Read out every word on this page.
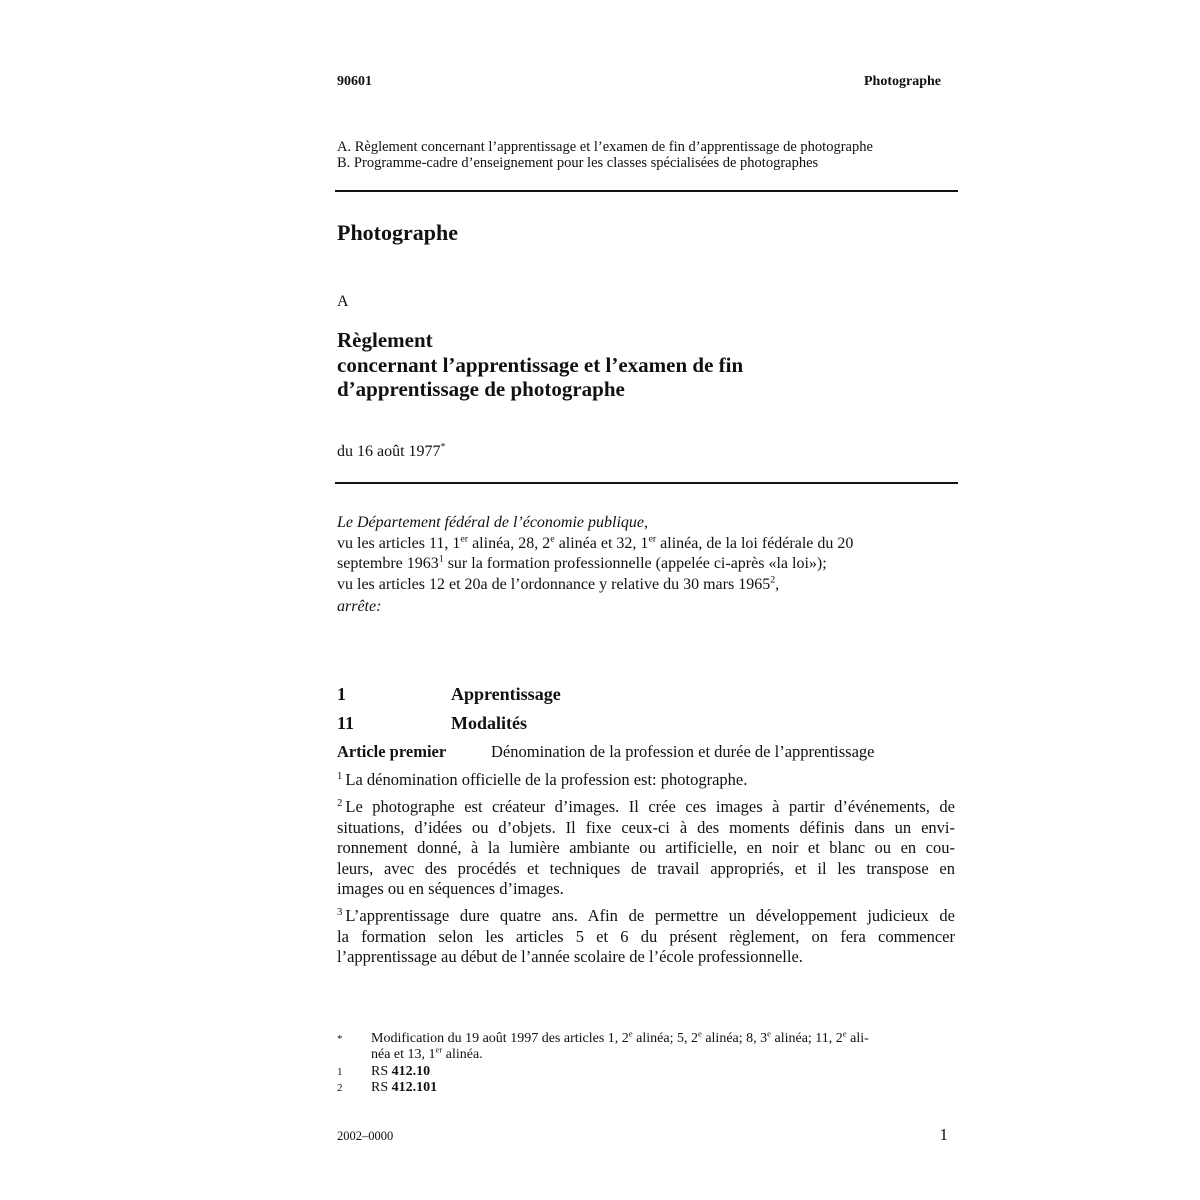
90601	Photographe
A. Règlement concernant l’apprentissage et l’examen de fin d’apprentissage de photographe
B. Programme-cadre d’enseignement pour les classes spécialisées de photographes
Photographe
A
Règlement
concernant l’apprentissage et l’examen de fin
d’apprentissage de photographe
du 16 août 1977*
Le Département fédéral de l’économie publique,
vu les articles 11, 1er alinéa, 28, 2e alinéa et 32, 1er alinéa, de la loi fédérale du 20
septembre 1963$^1$ sur la formation professionnelle (appelée ci-après «la loi»);
vu les articles 12 et 20a de l’ordonnance y relative du 30 mars 1965$^2$,
arrête:
1	Apprentissage
11	Modalités
Article premier	Dénomination de la profession et durée de l’apprentissage
$^1$ La dénomination officielle de la profession est: photographe.
$^2$ Le photographe est créateur d’images. Il crée ces images à partir d’événements, de
situations, d’idées ou d’objets. Il fixe ceux-ci à des moments définis dans un envi-
ronnement donné, à la lumière ambiante ou artificielle, en noir et blanc ou en cou-
leurs, avec des procédés et techniques de travail appropriés, et il les transpose en
images ou en séquences d’images.
$^3$ L’apprentissage dure quatre ans. Afin de permettre un développement judicieux de
la formation selon les articles 5 et 6 du présent règlement, on fera commencer
l’apprentissage au début de l’année scolaire de l’école professionnelle.
* Modification du 19 août 1997 des articles 1, 2e alinéa; 5, 2e alinéa; 8, 3e alinéa; 11, 2e ali-
néa et 13, 1er alinéa.
1 RS 412.10
2 RS 412.101
2002–0000	1
